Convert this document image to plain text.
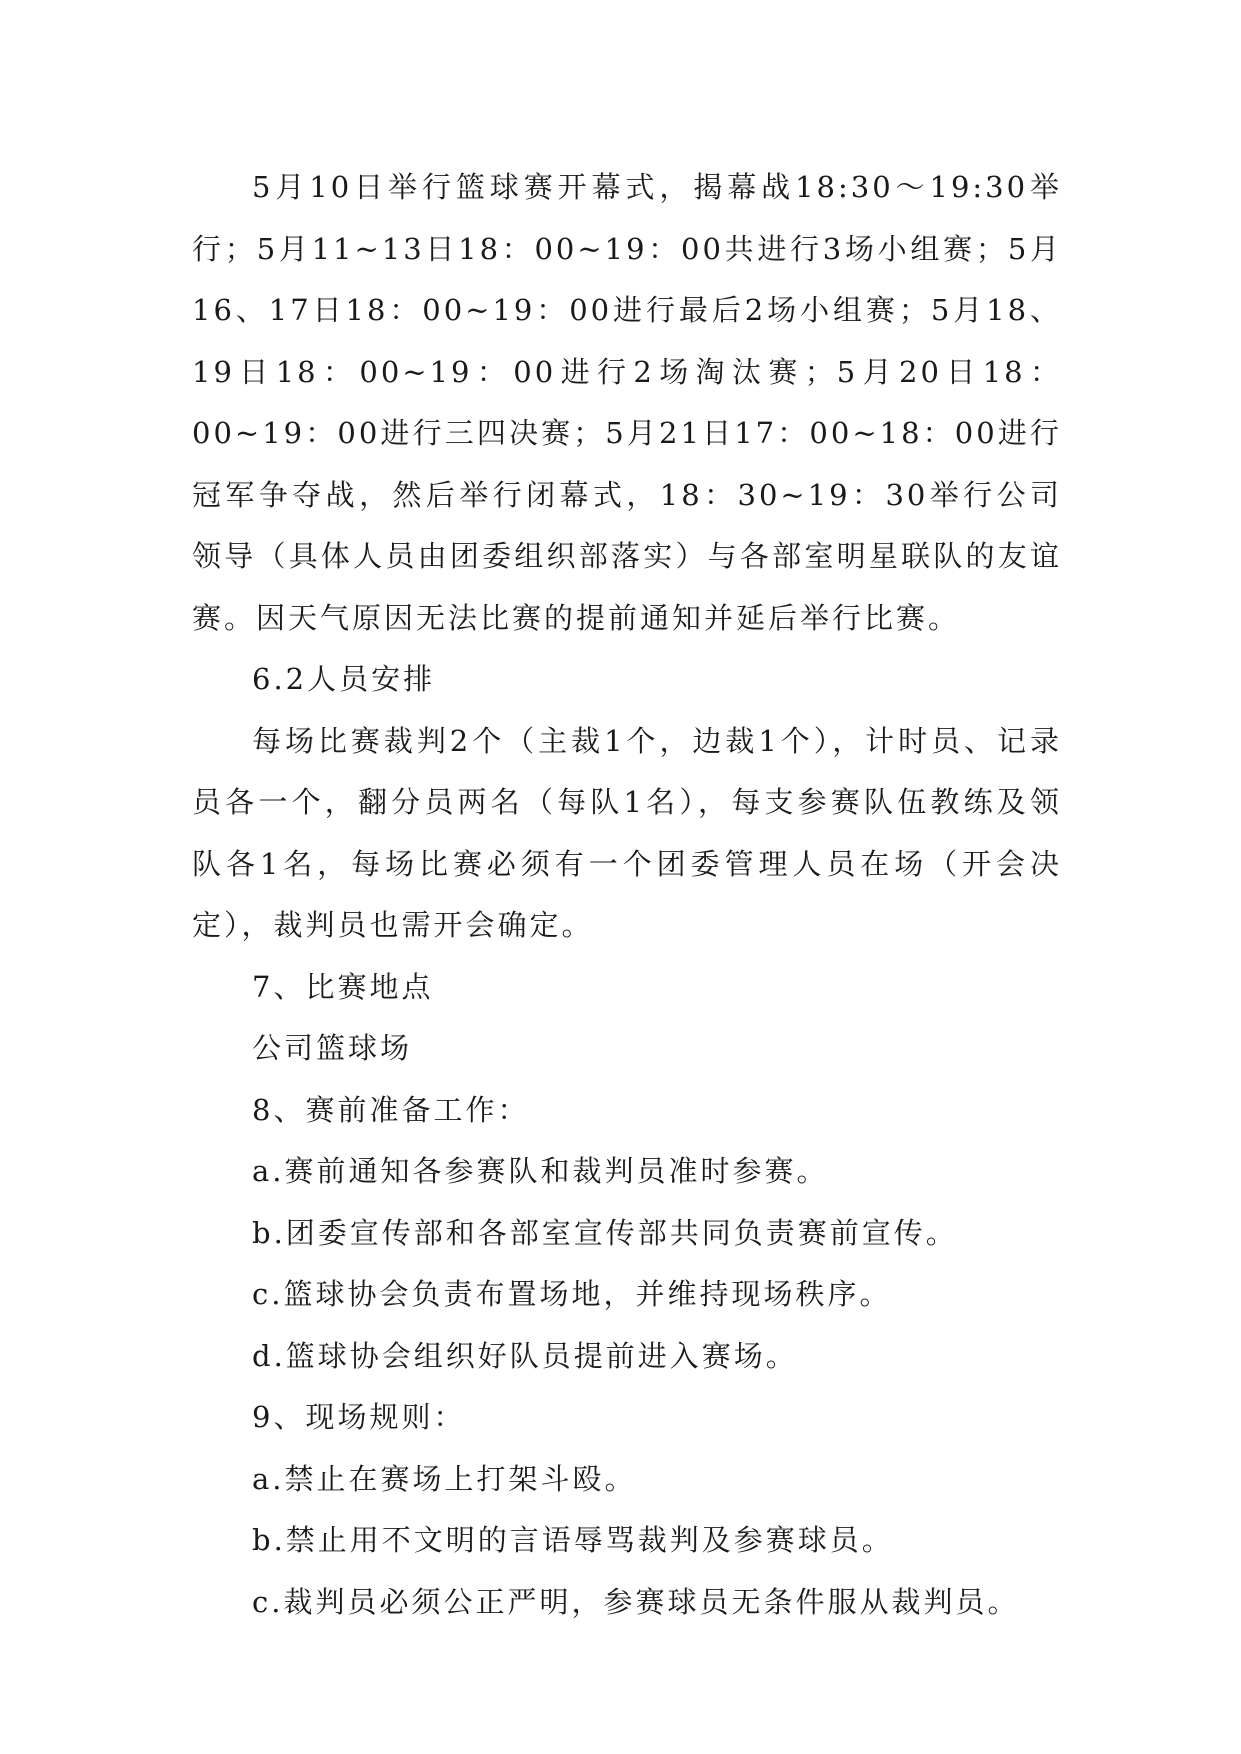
5月10日举行篮球赛开幕式，揭幕战18:30～19:30举行；5月11~13日18：00~19：00共进行3场小组赛；5月16、17日18：00~19：00进行最后2场小组赛；5月18、19日18：00~19：00进行2场淘汰赛；5月20日18：00~19：00进行三四决赛；5月21日17：00~18：00进行冠军争夺战，然后举行闭幕式，18：30~19：30举行公司领导（具体人员由团委组织部落实）与各部室明星联队的友谊赛。因天气原因无法比赛的提前通知并延后举行比赛。

6.2人员安排

每场比赛裁判2个（主裁1个，边裁1个），计时员、记录员各一个，翻分员两名（每队1名），每支参赛队伍教练及领队各1名，每场比赛必须有一个团委管理人员在场（开会决定），裁判员也需开会确定。

7、比赛地点

公司篮球场

8、赛前准备工作：

a.赛前通知各参赛队和裁判员准时参赛。

b.团委宣传部和各部室宣传部共同负责赛前宣传。

c.篮球协会负责布置场地，并维持现场秩序。

d.篮球协会组织好队员提前进入赛场。

9、现场规则：

a.禁止在赛场上打架斗殴。

b.禁止用不文明的言语辱骂裁判及参赛球员。

c.裁判员必须公正严明，参赛球员无条件服从裁判员。
